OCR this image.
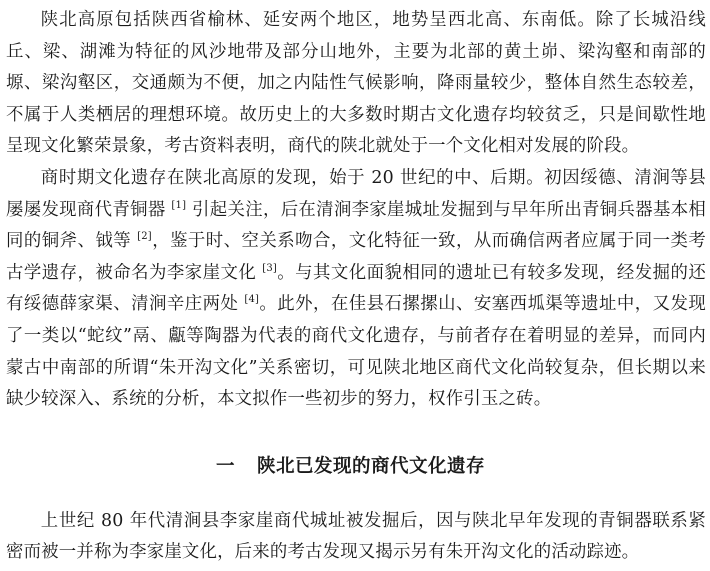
陕北高原包括陕西省榆林、延安两个地区，地势呈西北高、东南低。除了长城沿线丘、梁、湖滩为特征的风沙地带及部分山地外，主要为北部的黄土峁、梁沟壑和南部的塬、梁沟壑区，交通颇为不便，加之内陆性气候影响，降雨量较少，整体自然生态较差，不属于人类栖居的理想环境。故历史上的大多数时期古文化遗存均较贫乏，只是间歇性地呈现文化繁荣景象，考古资料表明，商代的陕北就处于一个文化相对发展的阶段。

商时期文化遗存在陕北高原的发现，始于 20 世纪的中、后期。初因绥德、清涧等县屡屡发现商代青铜器 [1] 引起关注，后在清涧李家崖城址发掘到与早年所出青铜兵器基本相同的铜斧、钺等 [2]，鉴于时、空关系吻合，文化特征一致，从而确信两者应属于同一类考古学遗存，被命名为李家崖文化 [3]。与其文化面貌相同的遗址已有较多发现，经发掘的还有绥德薛家渠、清涧辛庄两处 [4]。此外，在佳县石摞摞山、安塞西坬渠等遗址中，又发现了一类以“蛇纹”鬲、甗等陶器为代表的商代文化遗存，与前者存在着明显的差异，而同内蒙古中南部的所谓“朱开沟文化”关系密切，可见陕北地区商代文化尚较复杂，但长期以来缺少较深入、系统的分析，本文拟作一些初步的努力，权作引玉之砖。

一 陕北已发现的商代文化遗存

上世纪 80 年代清涧县李家崖商代城址被发掘后，因与陕北早年发现的青铜器联系紧密而被一并称为李家崖文化，后来的考古发现又揭示另有朱开沟文化的活动踪迹。
